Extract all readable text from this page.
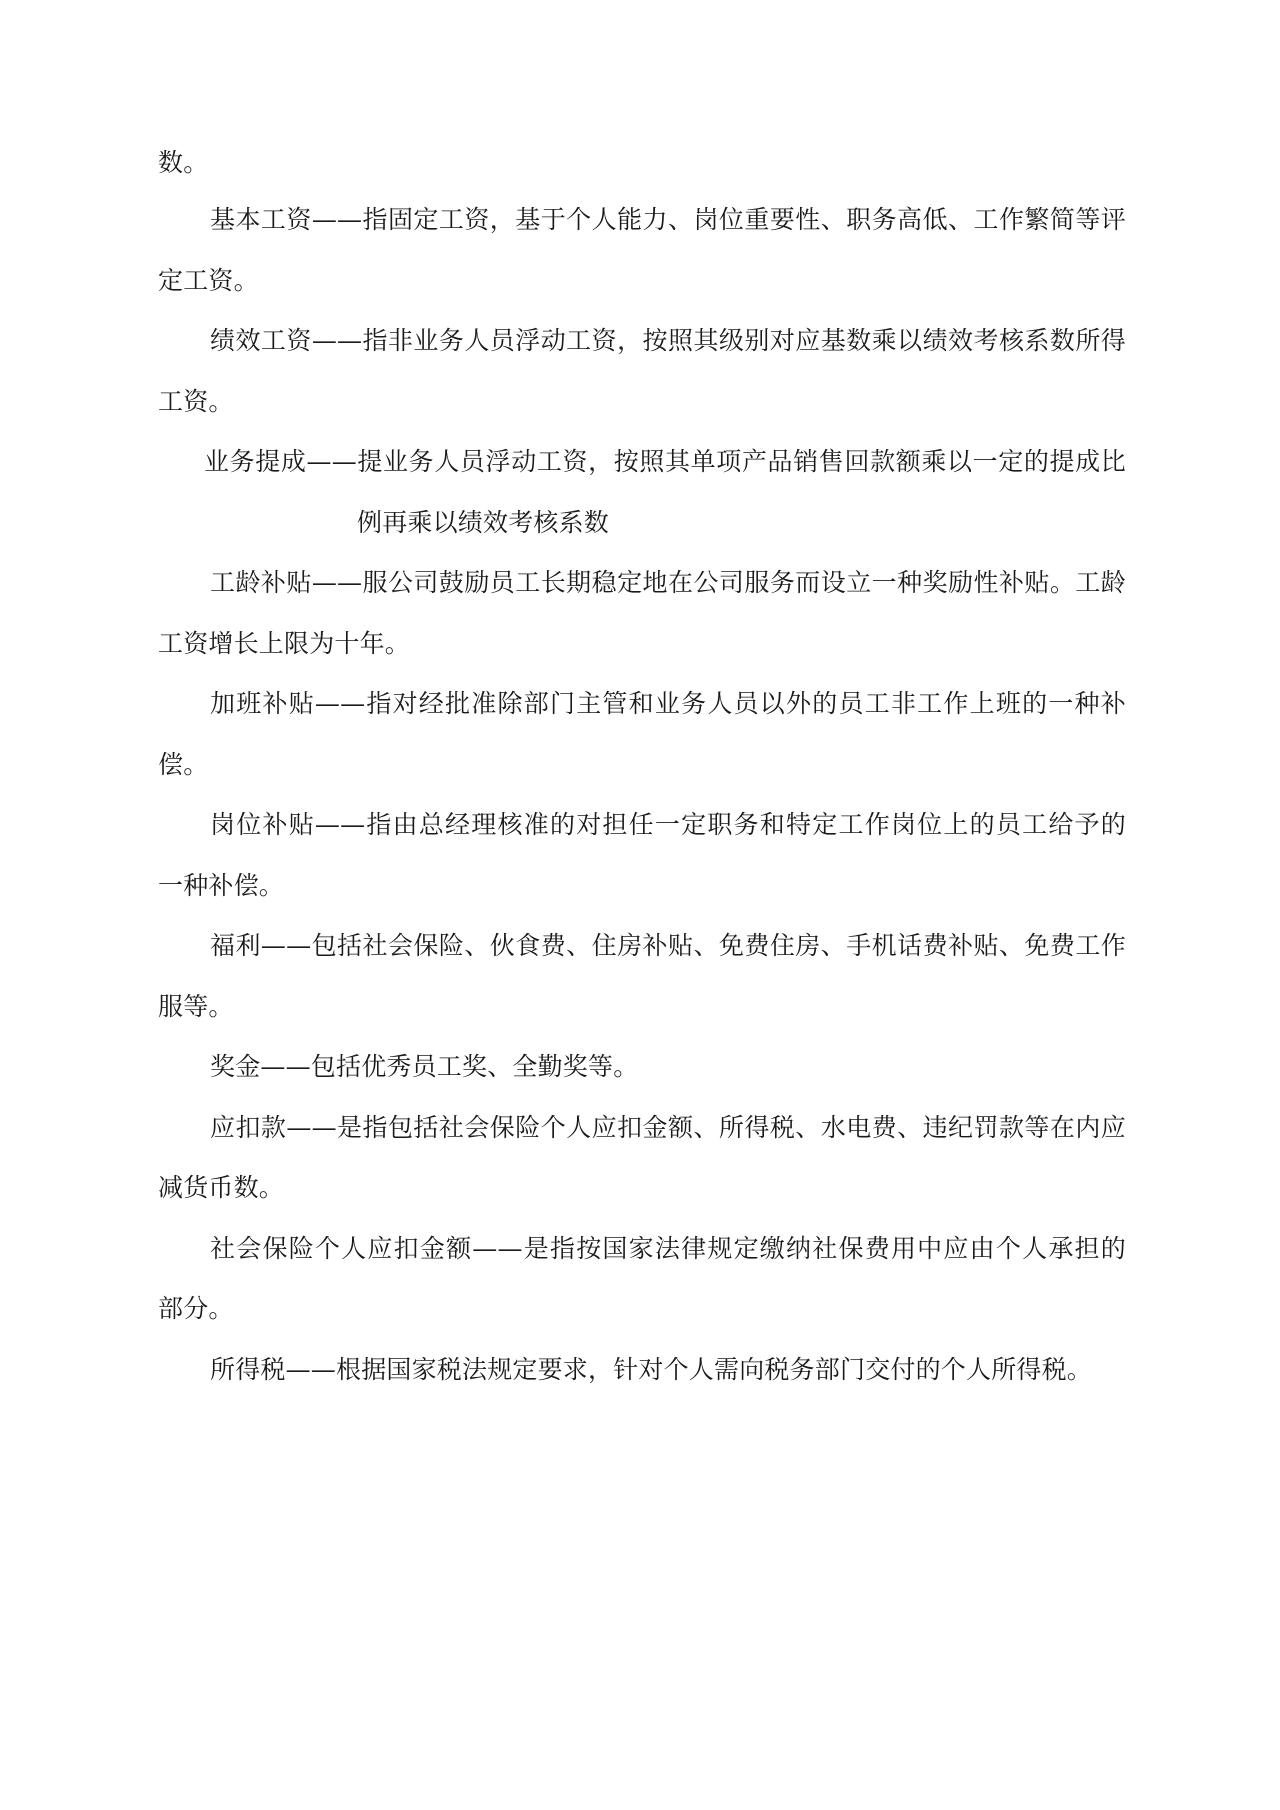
数。
基本工资——指固定工资，基于个人能力、岗位重要性、职务高低、工作繁简等评
定工资。
绩效工资——指非业务人员浮动工资，按照其级别对应基数乘以绩效考核系数所得
工资。
业务提成——提业务人员浮动工资，按照其单项产品销售回款额乘以一定的提成比
例再乘以绩效考核系数
工龄补贴——服公司鼓励员工长期稳定地在公司服务而设立一种奖励性补贴。工龄
工资增长上限为十年。
加班补贴——指对经批准除部门主管和业务人员以外的员工非工作上班的一种补
偿。
岗位补贴——指由总经理核准的对担任一定职务和特定工作岗位上的员工给予的
一种补偿。
福利——包括社会保险、伙食费、住房补贴、免费住房、手机话费补贴、免费工作
服等。
奖金——包括优秀员工奖、全勤奖等。
应扣款——是指包括社会保险个人应扣金额、所得税、水电费、违纪罚款等在内应
减货币数。
社会保险个人应扣金额——是指按国家法律规定缴纳社保费用中应由个人承担的
部分。
所得税——根据国家税法规定要求，针对个人需向税务部门交付的个人所得税。
